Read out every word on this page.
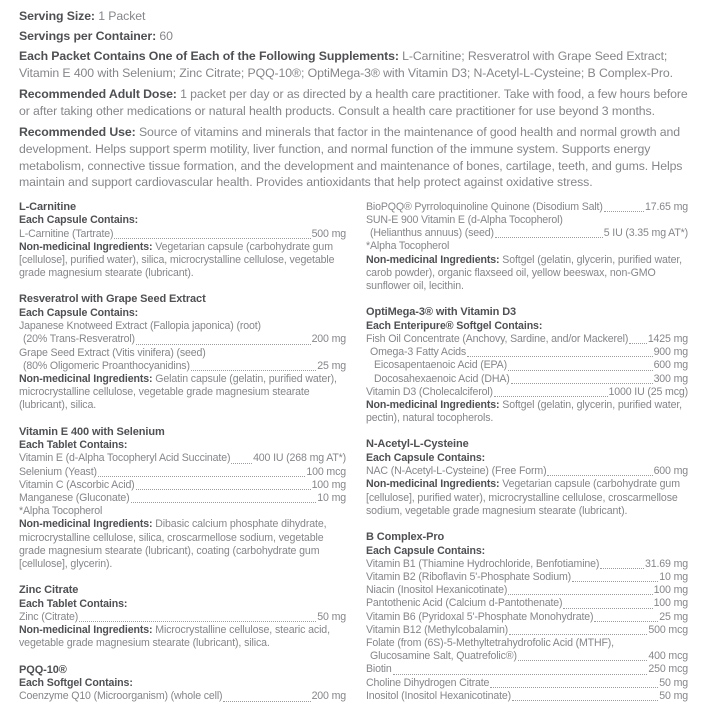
Serving Size: 1 Packet

Servings per Container: 60

Each Packet Contains One of Each of the Following Supplements: L-Carnitine; Resveratrol with Grape Seed Extract; Vitamin E 400 with Selenium; Zinc Citrate; PQQ-10®; OptiMega-3® with Vitamin D3; N-Acetyl-L-Cysteine; B Complex-Pro.

Recommended Adult Dose: 1 packet per day or as directed by a health care practitioner. Take with food, a few hours before or after taking other medications or natural health products. Consult a health care practitioner for use beyond 3 months.

Recommended Use: Source of vitamins and minerals that factor in the maintenance of good health and normal growth and development. Helps support sperm motility, liver function, and normal function of the immune system. Supports energy metabolism, connective tissue formation, and the development and maintenance of bones, cartilage, teeth, and gums. Helps maintain and support cardiovascular health. Provides antioxidants that help protect against oxidative stress.

L-Carnitine
Each Capsule Contains:
L-Carnitine (Tartrate)	500 mg

Non-medicinal Ingredients: Vegetarian capsule (carbohydrate gum [cellulose], purified water), silica, microcrystalline cellulose, vegetable grade magnesium stearate (lubricant).

Resveratrol with Grape Seed Extract
Each Capsule Contains:
Japanese Knotweed Extract (Fallopia japonica) (root)
(20% Trans-Resveratrol)	200 mg
Grape Seed Extract (Vitis vinifera) (seed)
(80% Oligomeric Proanthocyanidins)	25 mg

Non-medicinal Ingredients: Gelatin capsule (gelatin, purified water), microcrystalline cellulose, vegetable grade magnesium stearate (lubricant), silica.

Vitamin E 400 with Selenium
Each Tablet Contains:
Vitamin E (d-Alpha Tocopheryl Acid Succinate) 400 IU (268 mg AT*)
Selenium (Yeast)	100 mcg
Vitamin C (Ascorbic Acid)	100 mg
Manganese (Gluconate)	10 mg
*Alpha Tocopherol

Non-medicinal Ingredients: Dibasic calcium phosphate dihydrate, microcrystalline cellulose, silica, croscarmellose sodium, vegetable grade magnesium stearate (lubricant), coating (carbohydrate gum [cellulose], glycerin).

Zinc Citrate
Each Tablet Contains:
Zinc (Citrate)	50 mg

Non-medicinal Ingredients: Microcrystalline cellulose, stearic acid, vegetable grade magnesium stearate (lubricant), silica.

PQQ-10®
Each Softgel Contains:
Coenzyme Q10 (Microorganism) (whole cell)	200 mg
BioPQQ® Pyrroloquinoline Quinone (Disodium Salt)	17.65 mg
SUN-E 900 Vitamin E (d-Alpha Tocopherol)
(Helianthus annuus) (seed)	5 IU (3.35 mg AT*)
*Alpha Tocopherol

Non-medicinal Ingredients: Softgel (gelatin, glycerin, purified water, carob powder), organic flaxseed oil, yellow beeswax, non-GMO sunflower oil, lecithin.

OptiMega-3® with Vitamin D3
Each Enteripure® Softgel Contains:
Fish Oil Concentrate (Anchovy, Sardine, and/or Mackerel) 1425 mg
Omega-3 Fatty Acids	900 mg
Eicosapentaenoic Acid (EPA)	600 mg
Docosahexaenoic Acid (DHA)	300 mg
Vitamin D3 (Cholecalciferol)	1000 IU (25 mcg)

Non-medicinal Ingredients: Softgel (gelatin, glycerin, purified water, pectin), natural tocopherols.

N-Acetyl-L-Cysteine
Each Capsule Contains:
NAC (N-Acetyl-L-Cysteine) (Free Form)	600 mg

Non-medicinal Ingredients: Vegetarian capsule (carbohydrate gum [cellulose], purified water), microcrystalline cellulose, croscarmellose sodium, vegetable grade magnesium stearate (lubricant).

B Complex-Pro
Each Capsule Contains:
Vitamin B1 (Thiamine Hydrochloride, Benfotiamine)	31.69 mg
Vitamin B2 (Riboflavin 5'-Phosphate Sodium)	10 mg
Niacin (Inositol Hexanicotinate)	100 mg
Pantothenic Acid (Calcium d-Pantothenate)	100 mg
Vitamin B6 (Pyridoxal 5'-Phosphate Monohydrate)	25 mg
Vitamin B12 (Methylcobalamin)	500 mcg
Folate (from (6S)-5-Methyltetrahydrofolic Acid (MTHF),
Glucosamine Salt, Quatrefolic®)	400 mcg
Biotin	250 mcg
Choline Dihydrogen Citrate	50 mg
Inositol (Inositol Hexanicotinate)	50 mg
